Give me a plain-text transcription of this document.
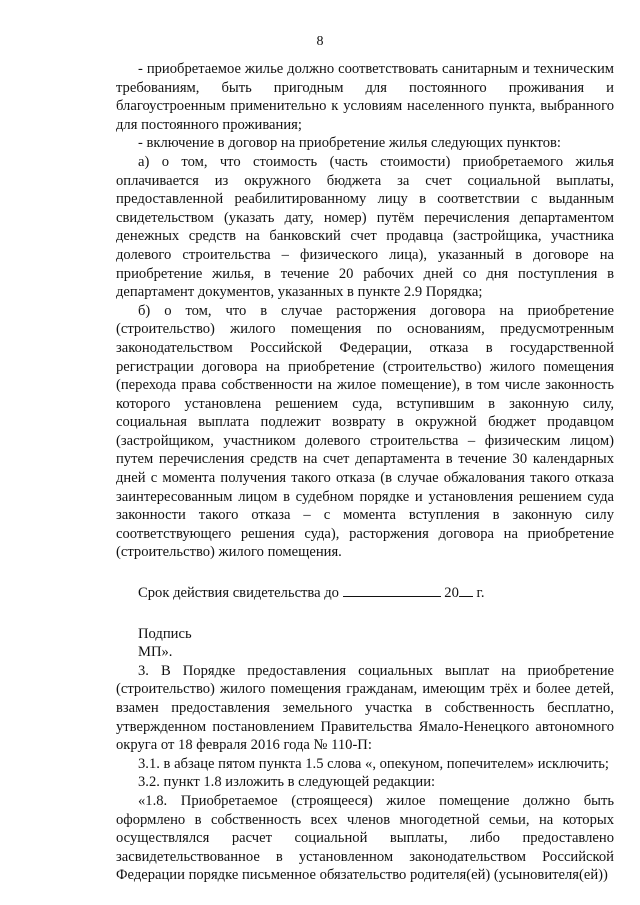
8

- приобретаемое жилье должно соответствовать санитарным и техническим требованиям, быть пригодным для постоянного проживания и благоустроенным применительно к условиям населенного пункта, выбранного для постоянного проживания;

- включение в договор на приобретение жилья следующих пунктов:

а) о том, что стоимость (часть стоимости) приобретаемого жилья оплачивается из окружного бюджета за счет социальной выплаты, предоставленной реабилитированному лицу в соответствии с выданным свидетельством (указать дату, номер) путём перечисления департаментом денежных средств на банковский счет продавца (застройщика, участника долевого строительства – физического лица), указанный в договоре на приобретение жилья, в течение 20 рабочих дней со дня поступления в департамент документов, указанных в пункте 2.9 Порядка;

б) о том, что в случае расторжения договора на приобретение (строительство) жилого помещения по основаниям, предусмотренным законодательством Российской Федерации, отказа в государственной регистрации договора на приобретение (строительство) жилого помещения (перехода права собственности на жилое помещение), в том числе законность которого установлена решением суда, вступившим в законную силу, социальная выплата подлежит возврату в окружной бюджет продавцом (застройщиком, участником долевого строительства – физическим лицом) путем перечисления средств на счет департамента в течение 30 календарных дней с момента получения такого отказа (в случае обжалования такого отказа заинтересованным лицом в судебном порядке и установления решением суда законности такого отказа – с момента вступления в законную силу соответствующего решения суда), расторжения договора на приобретение (строительство) жилого помещения.

Срок действия свидетельства до	20 г.

Подпись

МП».

3. В Порядке предоставления социальных выплат на приобретение (строительство) жилого помещения гражданам, имеющим трёх и более детей, взамен предоставления земельного участка в собственность бесплатно, утвержденном постановлением Правительства Ямало-Ненецкого автономного округа от 18 февраля 2016 года № 110-П:

3.1. в абзаце пятом пункта 1.5 слова «, опекуном, попечителем» исключить;

3.2. пункт 1.8 изложить в следующей редакции:

«1.8. Приобретаемое (строящееся) жилое помещение должно быть оформлено в собственность всех членов многодетной семьи, на которых осуществлялся расчет социальной выплаты, либо предоставлено засвидетельствованное в установленном законодательством Российской Федерации порядке письменное обязательство родителя(ей) (усыновителя(ей))
